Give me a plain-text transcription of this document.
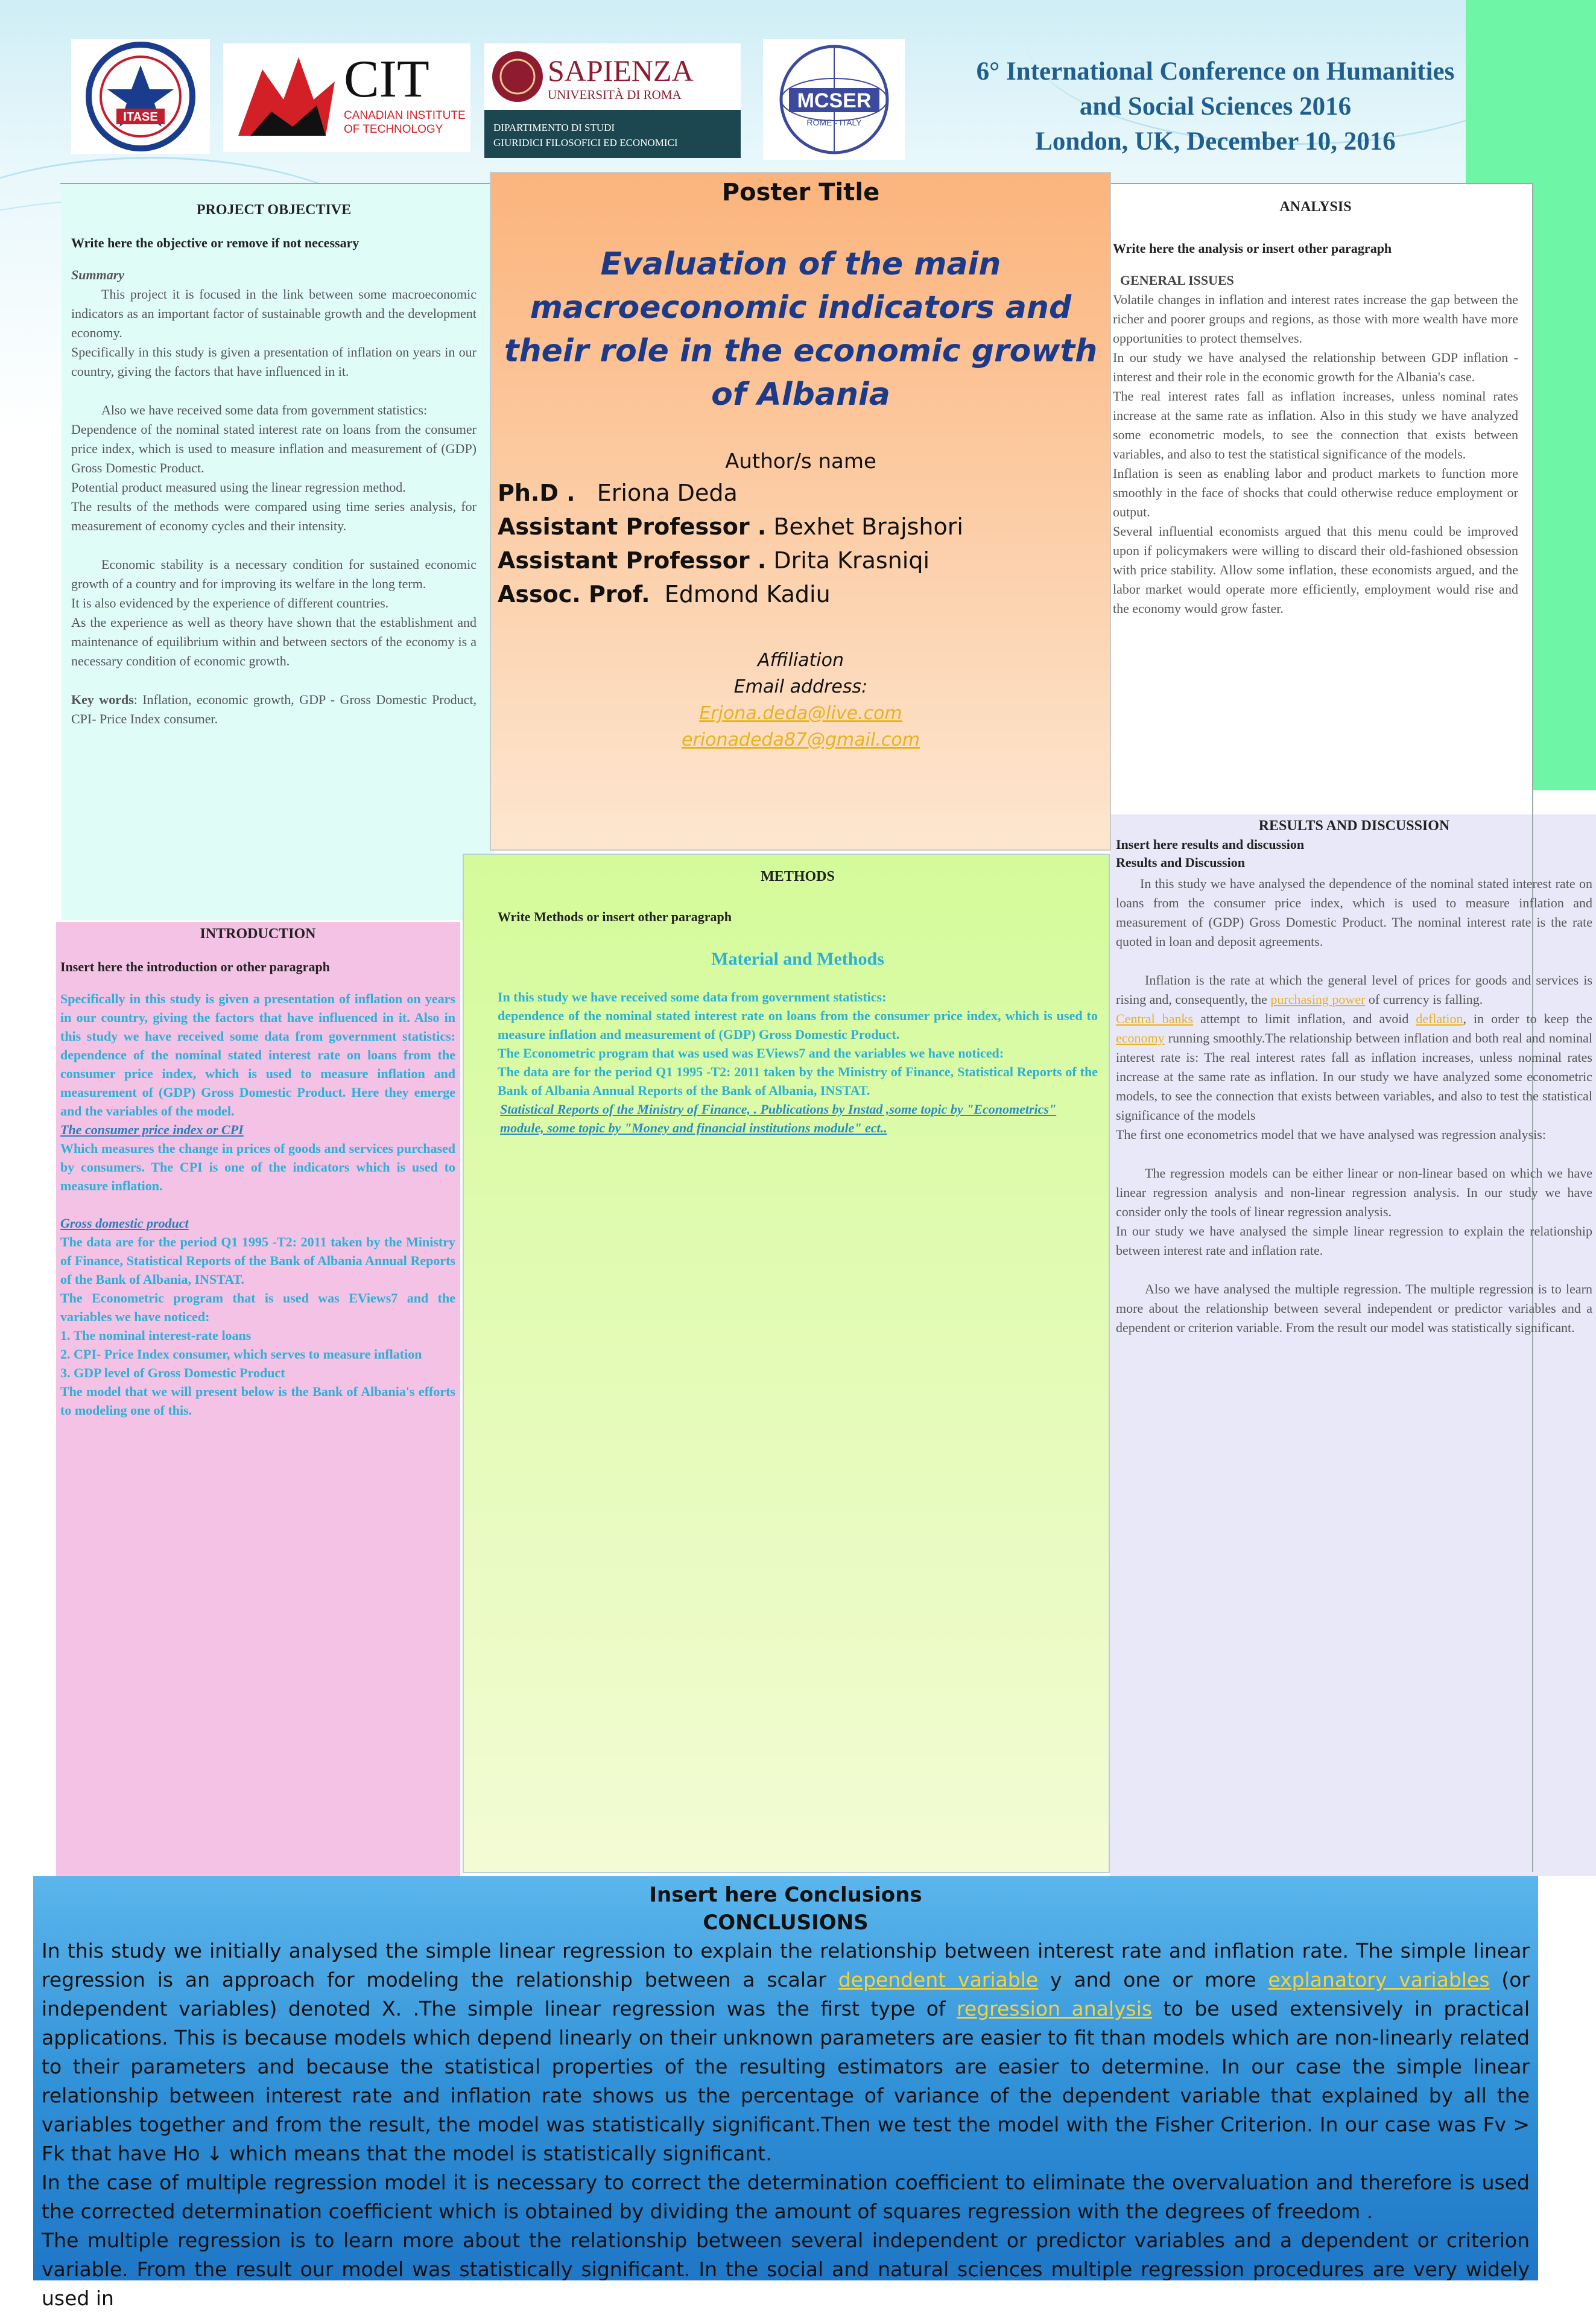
ITASE
CIT
CANADIAN INSTITUTE
OF TECHNOLOGY
SAPIENZA
UNIVERSITÀ DI ROMA
DIPARTIMENTO DI STUDI
GIURIDICI FILOSOFICI ED ECONOMICI
MCSER
ROME - ITALY
6° International Conference on Humanities
and Social Sciences 2016
London, UK, December 10, 2016
PROJECT OBJECTIVE
Write here the objective or remove if not necessary

Summary

This project it is focused in the link between some macroeconomic indicators as an important factor of sustainable growth and the development economy.

Specifically in this study is given a presentation of inflation on years in our country, giving the factors that have influenced in it.

Also we have received some data from government statistics:

Dependence of the nominal stated interest rate on loans from the consumer price index, which is used to measure inflation and measurement of (GDP) Gross Domestic Product.

Potential product measured using the linear regression method.

The results of the methods were compared using time series analysis, for measurement of economy cycles and their intensity.

Economic stability is a necessary condition for sustained economic growth of a country and for improving its welfare in the long term.

It is also evidenced by the experience of different countries.

As the experience as well as theory have shown that the establishment and maintenance of equilibrium within and between sectors of the economy is a necessary condition of economic growth.

Key words: Inflation, economic growth, GDP - Gross Domestic Product, CPI- Price Index consumer.

Poster Title
Evaluation of the main macroeconomic indicators and their role in the economic growth of Albania
Author/s name
Ph.D . Eriona Deda
Assistant Professor . Bexhet Brajshori
Assistant Professor . Drita Krasniqi
Assoc. Prof. Edmond Kadiu
Affiliation
Email address:
Erjona.deda@live.com
erionadeda87@gmail.com
ANALYSIS
Write here the analysis or insert other paragraph

GENERAL ISSUES

Volatile changes in inflation and interest rates increase the gap between the richer and poorer groups and regions, as those with more wealth have more opportunities to protect themselves.

In our study we have analysed the relationship between GDP inflation - interest and their role in the economic growth for the Albania's case.

The real interest rates fall as inflation increases, unless nominal rates increase at the same rate as inflation. Also in this study we have analyzed some econometric models, to see the connection that exists between variables, and also to test the statistical significance of the models.

Inflation is seen as enabling labor and product markets to function more smoothly in the face of shocks that could otherwise reduce employment or output.

Several influential economists argued that this menu could be improved upon if policymakers were willing to discard their old-fashioned obsession with price stability. Allow some inflation, these economists argued, and the labor market would operate more efficiently, employment would rise and the economy would grow faster.

RESULTS AND DISCUSSION
Insert here results and discussion
Results and Discussion

In this study we have analysed the dependence of the nominal stated interest rate on loans from the consumer price index, which is used to measure inflation and measurement of (GDP) Gross Domestic Product. The nominal interest rate is the rate quoted in loan and deposit agreements.

Inflation is the rate at which the general level of prices for goods and services is rising and, consequently, the purchasing power of currency is falling.

Central banks attempt to limit inflation, and avoid deflation, in order to keep the economy running smoothly.The relationship between inflation and both real and nominal interest rate is: The real interest rates fall as inflation increases, unless nominal rates increase at the same rate as inflation. In our study we have analyzed some econometric models, to see the connection that exists between variables, and also to test the statistical significance of the models

The first one econometrics model that we have analysed was regression analysis:

The regression models can be either linear or non-linear based on which we have linear regression analysis and non-linear regression analysis. In our study we have consider only the tools of linear regression analysis.

In our study we have analysed the simple linear regression to explain the relationship between interest rate and inflation rate.

Also we have analysed the multiple regression. The multiple regression is to learn more about the relationship between several independent or predictor variables and a dependent or criterion variable. From the result our model was statistically significant.

INTRODUCTION
Insert here the introduction or other paragraph

Specifically in this study is given a presentation of inflation on years in our country, giving the factors that have influenced in it. Also in this study we have received some data from government statistics: dependence of the nominal stated interest rate on loans from the consumer price index, which is used to measure inflation and measurement of (GDP) Gross Domestic Product. Here they emerge and the variables of the model.

The consumer price index or CPI

Which measures the change in prices of goods and services purchased by consumers. The CPI is one of the indicators which is used to measure inflation.

Gross domestic product

The data are for the period Q1 1995 -T2: 2011 taken by the Ministry of Finance, Statistical Reports of the Bank of Albania Annual Reports of the Bank of Albania, INSTAT.

The Econometric program that is used was EViews7 and the variables we have noticed:

1. The nominal interest-rate loans

2. CPI- Price Index consumer, which serves to measure inflation

3. GDP level of Gross Domestic Product

The model that we will present below is the Bank of Albania's efforts to modeling one of this.

METHODS
Write Methods or insert other paragraph
Material and Methods

In this study we have received some data from government statistics:

dependence of the nominal stated interest rate on loans from the consumer price index, which is used to measure inflation and measurement of (GDP) Gross Domestic Product.

The Econometric program that was used was EViews7 and the variables we have noticed:

The data are for the period Q1 1995 -T2: 2011 taken by the Ministry of Finance, Statistical Reports of the Bank of Albania Annual Reports of the Bank of Albania, INSTAT.

Statistical Reports of the Ministry of Finance, . Publications by Instad ,some topic by "Econometrics" module, some topic by "Money and financial institutions module" ect..
Insert here Conclusions
CONCLUSIONS

In this study we initially analysed the simple linear regression to explain the relationship between interest rate and inflation rate. The simple linear regression is an approach for modeling the relationship between a scalar dependent variable y and one or more explanatory variables (or independent variables) denoted X. .The simple linear regression was the first type of regression analysis to be used extensively in practical applications. This is because models which depend linearly on their unknown parameters are easier to fit than models which are non-linearly related to their parameters and because the statistical properties of the resulting estimators are easier to determine. In our case the simple linear relationship between interest rate and inflation rate shows us the percentage of variance of the dependent variable that explained by all the variables together and from the result, the model was statistically significant.Then we test the model with the Fisher Criterion. In our case was Fv > Fk that have Ho ↓ which means that the model is statistically significant.

In the case of multiple regression model it is necessary to correct the determination coefficient to eliminate the overvaluation and therefore is used the corrected determination coefficient which is obtained by dividing the amount of squares regression with the degrees of freedom .

The multiple regression is to learn more about the relationship between several independent or predictor variables and a dependent or criterion variable. From the result our model was statistically significant. In the social and natural sciences multiple regression procedures are very widely used in
